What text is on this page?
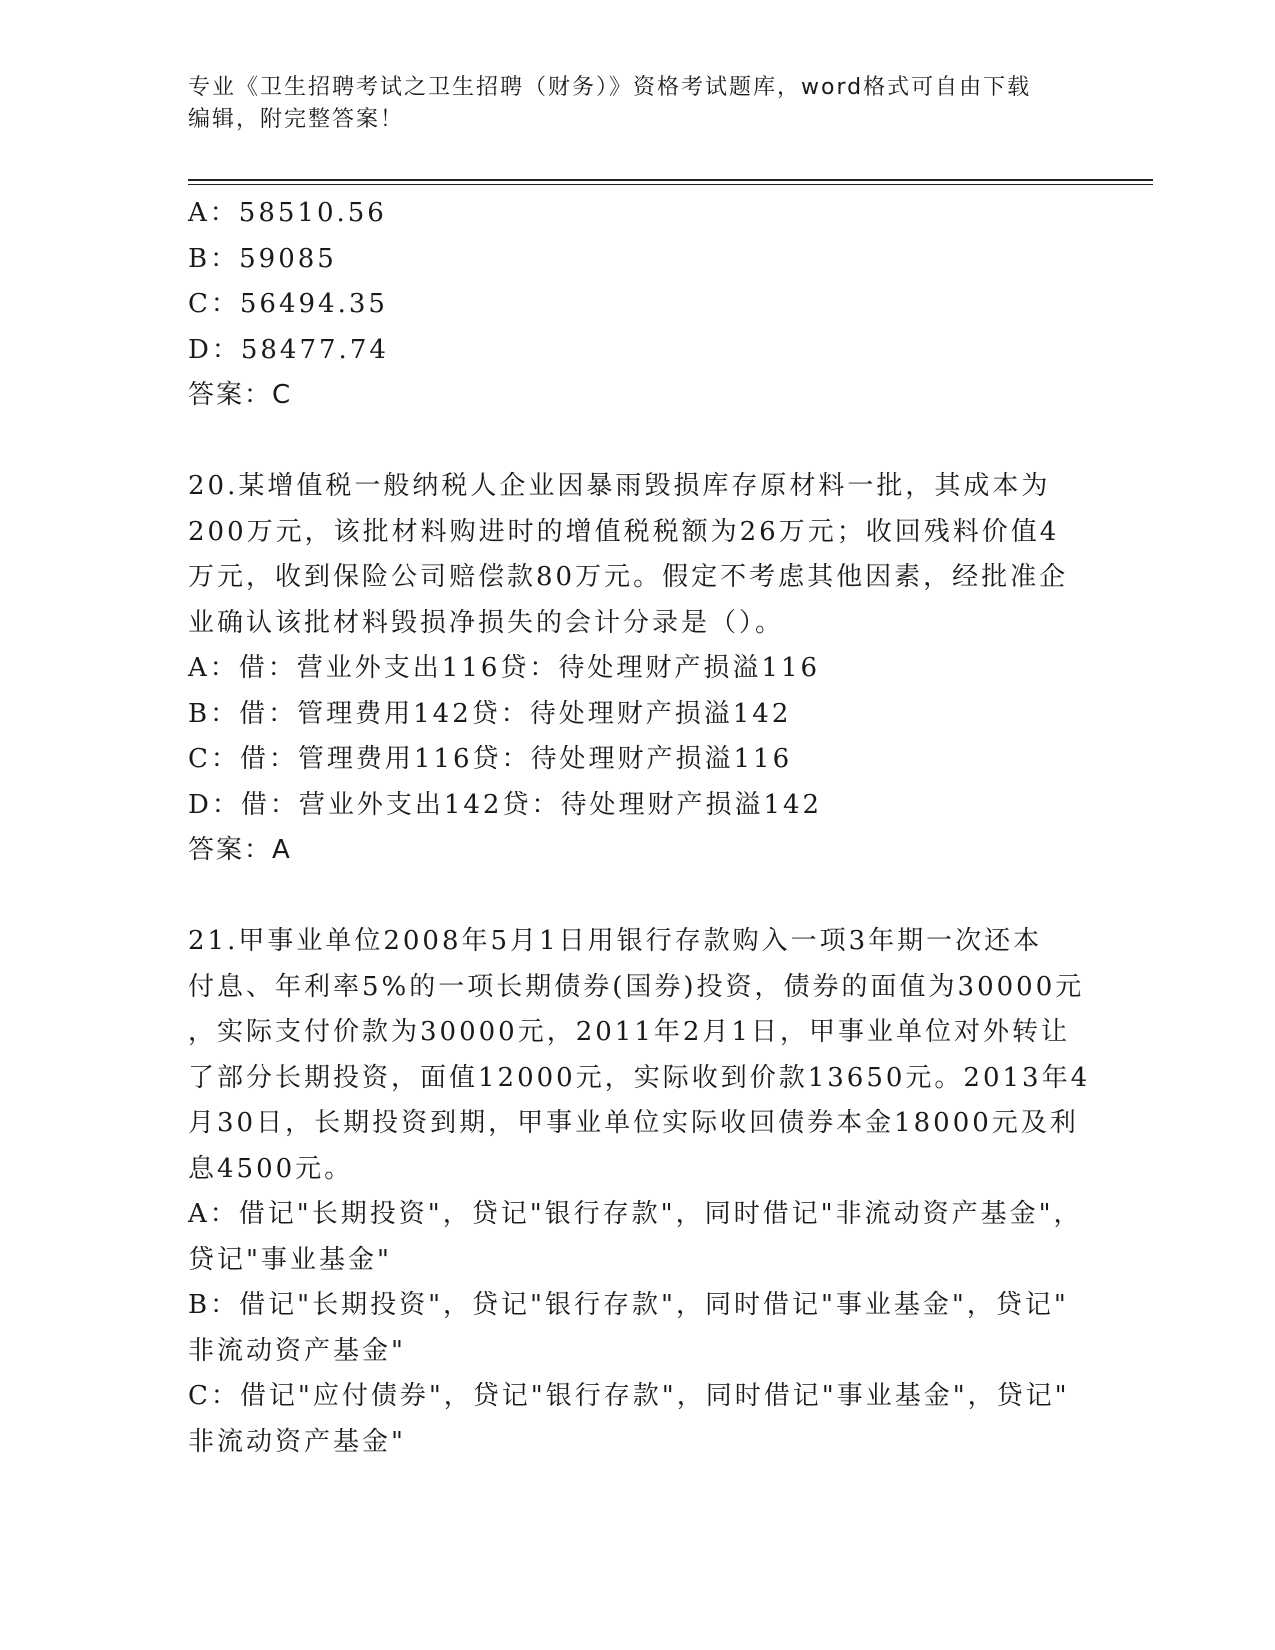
专业《卫生招聘考试之卫生招聘（财务）》资格考试题库，word格式可自由下载
编辑，附完整答案！
A：58510.56
B：59085
C：56494.35
D：58477.74
答案：C
20.某增值税一般纳税人企业因暴雨毁损库存原材料一批，其成本为
200万元，该批材料购进时的增值税税额为26万元；收回残料价值4
万元，收到保险公司赔偿款80万元。假定不考虑其他因素，经批准企
业确认该批材料毁损净损失的会计分录是（）。
A：借：营业外支出116贷：待处理财产损溢116
B：借：管理费用142贷：待处理财产损溢142
C：借：管理费用116贷：待处理财产损溢116
D：借：营业外支出142贷：待处理财产损溢142
答案：A
21.甲事业单位2008年5月1日用银行存款购入一项3年期一次还本
付息、年利率5%的一项长期债券(国券)投资，债券的面值为30000元
，实际支付价款为30000元，2011年2月1日，甲事业单位对外转让
了部分长期投资，面值12000元，实际收到价款13650元。2013年4
月30日，长期投资到期，甲事业单位实际收回债券本金18000元及利
息4500元。
A：借记"长期投资"，贷记"银行存款"，同时借记"非流动资产基金"，
贷记"事业基金"
B：借记"长期投资"，贷记"银行存款"，同时借记"事业基金"，贷记"
非流动资产基金"
C：借记"应付债券"，贷记"银行存款"，同时借记"事业基金"，贷记"
非流动资产基金"
